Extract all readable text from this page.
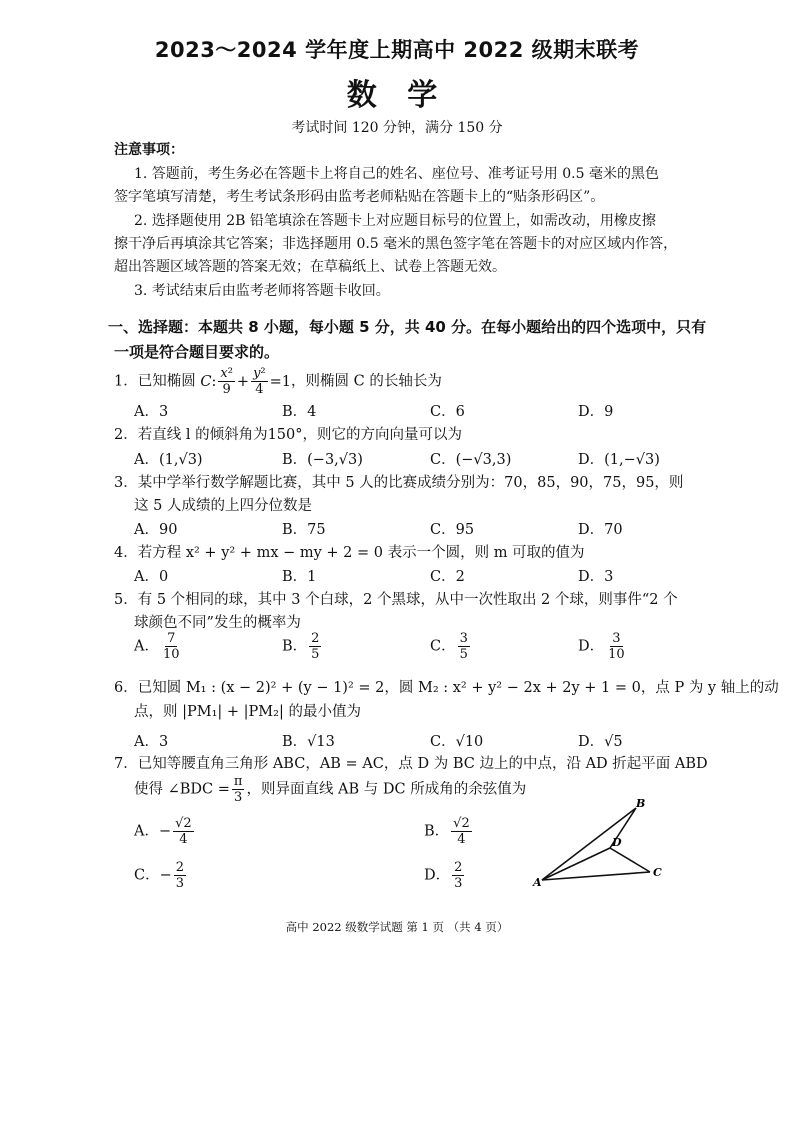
2023～2024 学年度上期高中 2022 级期末联考
数 学
考试时间 120 分钟，满分 150 分
注意事项：
1. 答题前，考生务必在答题卡上将自己的姓名、座位号、准考证号用 0.5 毫米的黑色
签字笔填写清楚，考生考试条形码由监考老师粘贴在答题卡上的“贴条形码区”。
2. 选择题使用 2B 铅笔填涂在答题卡上对应题目标号的位置上，如需改动，用橡皮擦
擦干净后再填涂其它答案；非选择题用 0.5 毫米的黑色签字笔在答题卡的对应区域内作答，
超出答题区域答题的答案无效；在草稿纸上、试卷上答题无效。
3. 考试结束后由监考老师将答题卡收回。
一、选择题：本题共 8 小题，每小题 5 分，共 40 分。在每小题给出的四个选项中，只有
一项是符合题目要求的。
1．已知椭圆 C: $\frac{\text{x²}}{9} + \frac{\text{y²}}{4} =1$，则椭圆 C 的长轴长为
A．3	B．4	C．6	D．9
2．若直线 l 的倾斜角为150°，则它的方向向量可以为
A．(1,√3)	B．(−3,√3)	C．(−√3,3)	D．(1,−√3)
3．某中学举行数学解题比赛，其中 5 人的比赛成绩分别为：70，85，90，75，95，则
这 5 人成绩的上四分位数是
A．90	B．75	C．95	D．70
4．若方程 x² + y² + mx − my + 2 = 0 表示一个圆，则 m 可取的值为
A．0	B．1	C．2	D．3
5．有 5 个相同的球，其中 3 个白球，2 个黑球，从中一次性取出 2 个球，则事件“2 个
球颜色不同”发生的概率为
A． $\frac{7}{10}$	B． $\frac{2}{5}$	C． $\frac{3}{5}$	D． $\frac{3}{10}$
6．已知圆 M₁ : (x − 2)² + (y − 1)² = 2，圆 M₂ : x² + y² − 2x + 2y + 1 = 0，点 P 为 y 轴上的动
点，则 |PM₁| + |PM₂| 的最小值为
A．3	B．√13	C．√10	D．√5
7．已知等腰直角三角形 ABC，AB = AC，点 D 为 BC 边上的中点，沿 AD 折起平面 ABD
使得 ∠BDC = $\frac{\pi}{3}$ ，则异面直线 AB 与 DC 所成角的余弦值为
A．− $\frac{√2}{4}$	B． $\frac{√2}{4}$
C．− $\frac{2}{3}$	D． $\frac{2}{3}$	A
B
C
D
高中 2022 级数学试题 第 1 页 （共 4 页）
